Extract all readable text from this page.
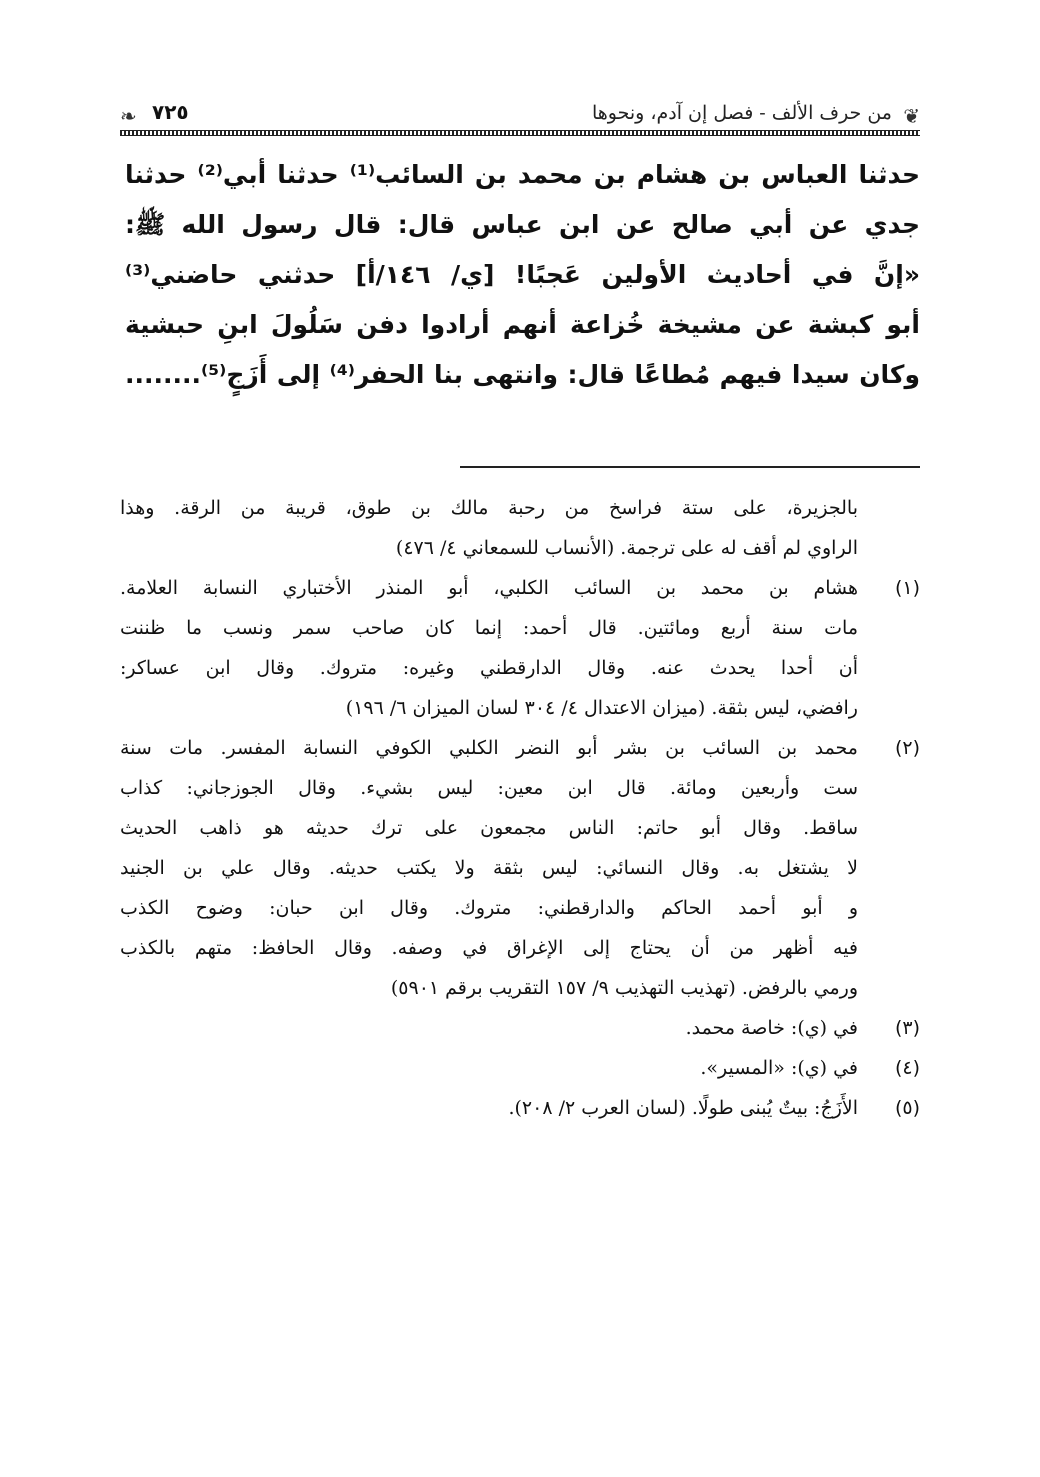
❦
من حرف الألف - فصل إن آدم، ونحوها
٧٢٥
❧
حدثنا العباس بن هشام بن محمد بن السائب⁽¹⁾ حدثنا أبي⁽²⁾ حدثنا
جدي عن أبي صالح عن ابن عباس قال: قال رسول الله ﷺ:
«إنَّ في أحاديث الأولين عَجبًا! [ي/ ١٤٦/أ] حدثني حاضني⁽³⁾
أبو كبشة عن مشيخة خُزاعة أنهم أرادوا دفن سَلُولَ ابنِ حبشية
وكان سيدا فيهم مُطاعًا قال: وانتهى بنا الحفر⁽⁴⁾ إلى أَزَجٍ⁽⁵⁾........
بالجزيرة، على ستة فراسخ من رحبة مالك بن طوق، قريبة من الرقة. وهذا
الراوي لم أقف له على ترجمة. (الأنساب للسمعاني ٤/ ٤٧٦)
(١)
هشام بن محمد بن السائب الكلبي، أبو المنذر الأختباري النسابة العلامة.
مات سنة أربع ومائتين. قال أحمد: إنما كان صاحب سمر ونسب ما ظننت
أن أحدا يحدث عنه. وقال الدارقطني وغيره: متروك. وقال ابن عساكر:
رافضي، ليس بثقة. (ميزان الاعتدال ٤/ ٣٠٤ لسان الميزان ٦/ ١٩٦)
(٢)
محمد بن السائب بن بشر أبو النضر الكلبي الكوفي النسابة المفسر. مات سنة
ست وأربعين ومائة. قال ابن معين: ليس بشيء. وقال الجوزجاني: كذاب
ساقط. وقال أبو حاتم: الناس مجمعون على ترك حديثه هو ذاهب الحديث
لا يشتغل به. وقال النسائي: ليس بثقة ولا يكتب حديثه. وقال علي بن الجنيد
و أبو أحمد الحاكم والدارقطني: متروك. وقال ابن حبان: وضوح الكذب
فيه أظهر من أن يحتاج إلى الإغراق في وصفه. وقال الحافظ: متهم بالكذب
ورمي بالرفض. (تهذيب التهذيب ٩/ ١٥٧ التقريب برقم ٥٩٠١)
(٣)
في (ي): خاصة محمد.
(٤)
في (ي): «المسير».
(٥)
الأَزَجُ: بيتٌ يُبنى طولًا. (لسان العرب ٢/ ٢٠٨).
